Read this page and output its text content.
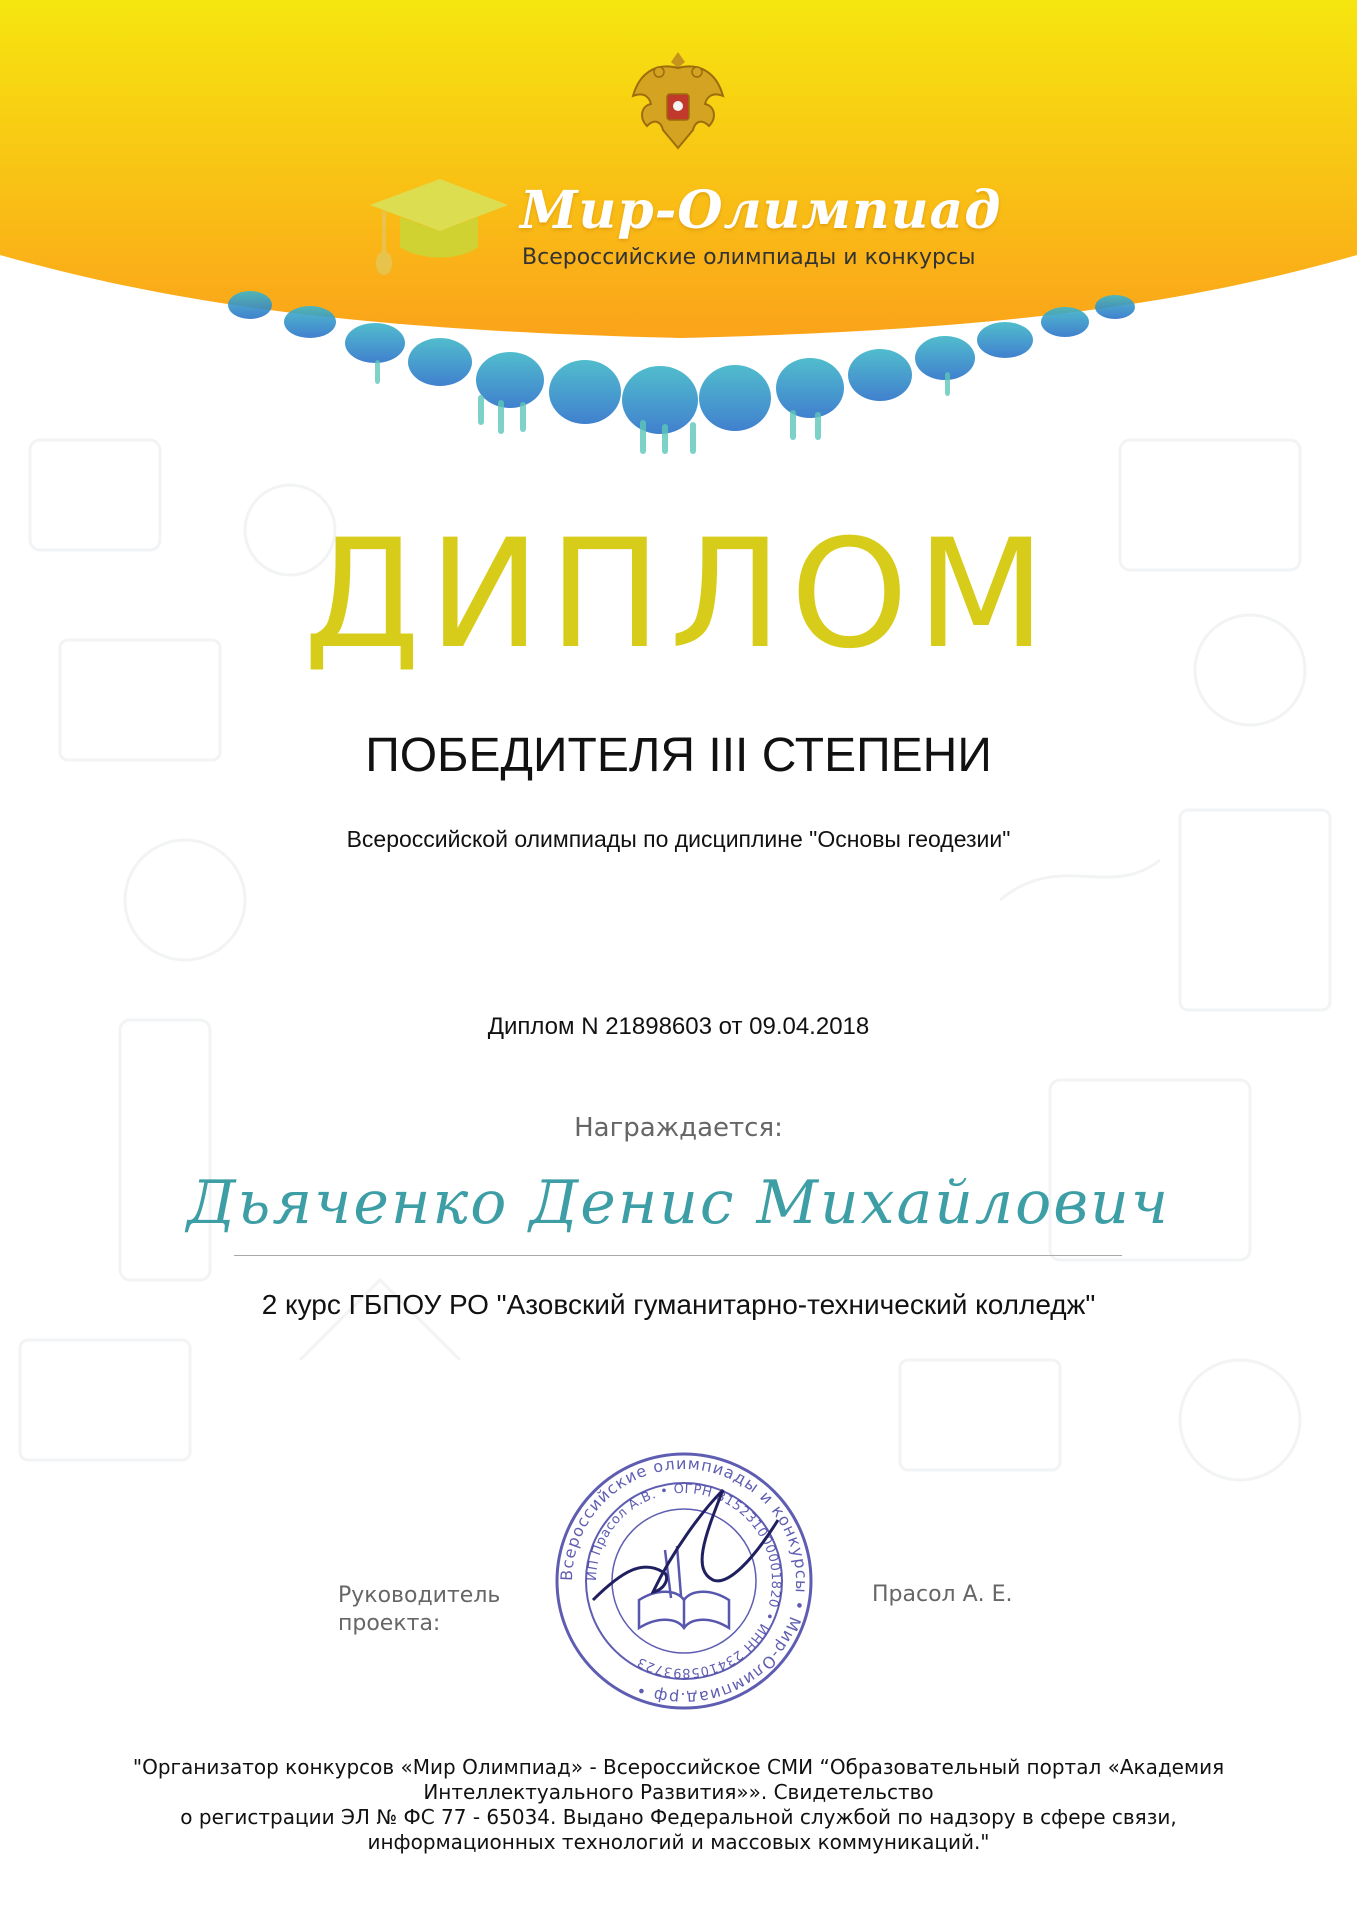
Мир-Олимпиад
Всероссийские олимпиады и конкурсы
ДИПЛОМ
ПОБЕДИТЕЛЯ III СТЕПЕНИ
Всероссийской олимпиады по дисциплине "Основы геодезии"
Диплом N 21898603 от 09.04.2018
Награждается:
Дьяченко Денис Михайлович
2 курс ГБПОУ РО "Азовский гуманитарно-технический колледж"
Всероссийские олимпиады и конкурсы • Мир-Олимпиад.рф •
ИП Прасол А.В. • ОГРН 315231000001820 • ИНН 234105893723
Руководитель
проекта:
Прасол А. Е.
"Организатор конкурсов «Мир Олимпиад» - Всероссийское СМИ “Образовательный портал «Академия
Интеллектуального Развития»». Свидетельство
о регистрации ЭЛ № ФС 77 - 65034. Выдано Федеральной службой по надзору в сфере связи,
информационных технологий и массовых коммуникаций."
